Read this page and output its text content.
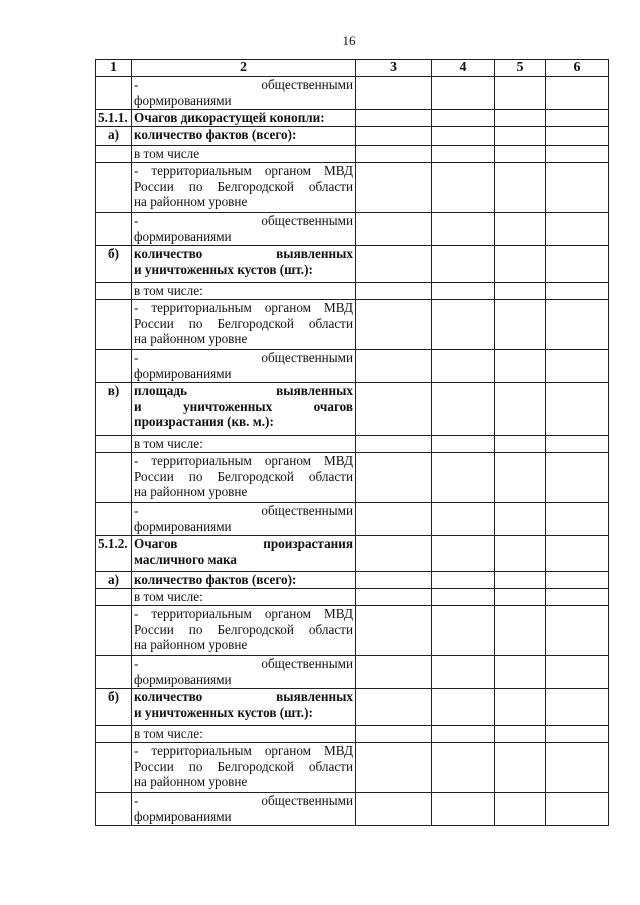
16
1	2	3	4	5	6

	- общественными
формированиями				

5.1.1.	Очагов дикорастущей конопли:				

а)	количество фактов (всего):				

	в том числе				

	- территориальным органом МВД
России по Белгородской области
на районном уровне				

	- общественными
формированиями				

б)	количество выявленных
и уничтоженных кустов (шт.):				

	в том числе:				

	- территориальным органом МВД
России по Белгородской области
на районном уровне				

	- общественными
формированиями				

в)	площадь выявленных
и уничтоженных очагов
произрастания (кв. м.):				

	в том числе:				

	- территориальным органом МВД
России по Белгородской области
на районном уровне				

	- общественными
формированиями				

5.1.2.	Очагов произрастания
масличного мака				

а)	количество фактов (всего):				

	в том числе:				

	- территориальным органом МВД
России по Белгородской области
на районном уровне				

	- общественными
формированиями				

б)	количество выявленных
и уничтоженных кустов (шт.):				

	в том числе:				

	- территориальным органом МВД
России по Белгородской области
на районном уровне				

	- общественными
формированиями				
